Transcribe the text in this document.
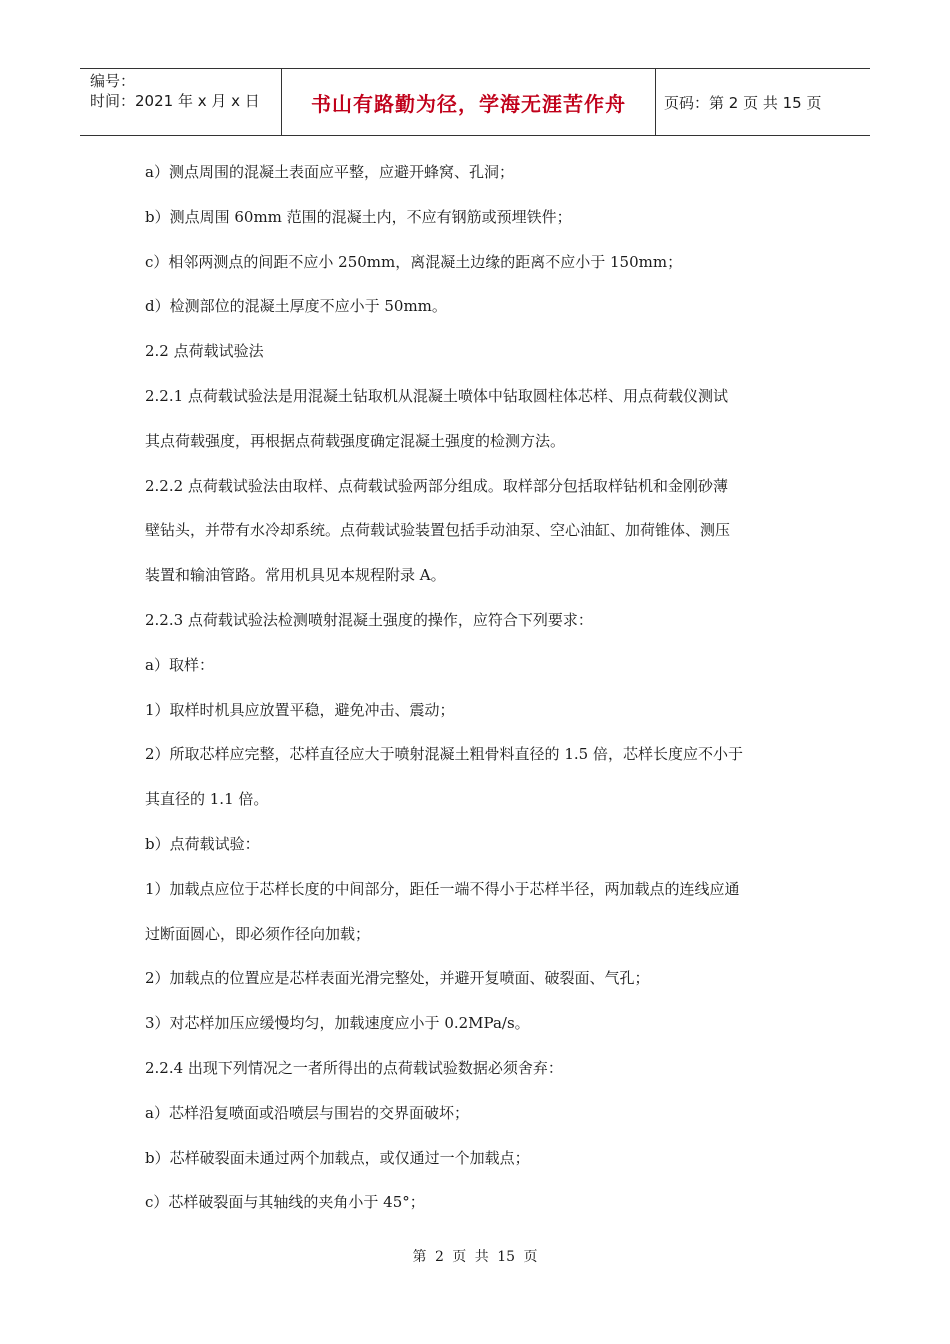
编号：
时间：2021 年 x 月 x 日	书山有路勤为径，学海无涯苦作舟	页码：第 2 页 共 15 页
a）测点周围的混凝土表面应平整，应避开蜂窝、孔洞；
b）测点周围 60mm 范围的混凝土内，不应有钢筋或预埋铁件；
c）相邻两测点的间距不应小 250mm，离混凝土边缘的距离不应小于 150mm；
d）检测部位的混凝土厚度不应小于 50mm。
2.2 点荷载试验法
2.2.1 点荷载试验法是用混凝土钻取机从混凝土喷体中钻取圆柱体芯样、用点荷载仪测试
其点荷载强度，再根据点荷载强度确定混凝土强度的检测方法。
2.2.2 点荷载试验法由取样、点荷载试验两部分组成。取样部分包括取样钻机和金刚砂薄
壁钻头，并带有水冷却系统。点荷载试验装置包括手动油泵、空心油缸、加荷锥体、测压
装置和输油管路。常用机具见本规程附录 A。
2.2.3 点荷载试验法检测喷射混凝土强度的操作，应符合下列要求：
a）取样：
1）取样时机具应放置平稳，避免冲击、震动；
2）所取芯样应完整，芯样直径应大于喷射混凝土粗骨料直径的 1.5 倍，芯样长度应不小于
其直径的 1.1 倍。
b）点荷载试验：
1）加载点应位于芯样长度的中间部分，距任一端不得小于芯样半径，两加载点的连线应通
过断面圆心，即必须作径向加载；
2）加载点的位置应是芯样表面光滑完整处，并避开复喷面、破裂面、气孔；
3）对芯样加压应缓慢均匀，加载速度应小于 0.2MPa/s。
2.2.4 出现下列情况之一者所得出的点荷载试验数据必须舍弃：
a）芯样沿复喷面或沿喷层与围岩的交界面破坏；
b）芯样破裂面未通过两个加载点，或仅通过一个加载点；
c）芯样破裂面与其轴线的夹角小于 45°；
第 2 页 共 15 页
